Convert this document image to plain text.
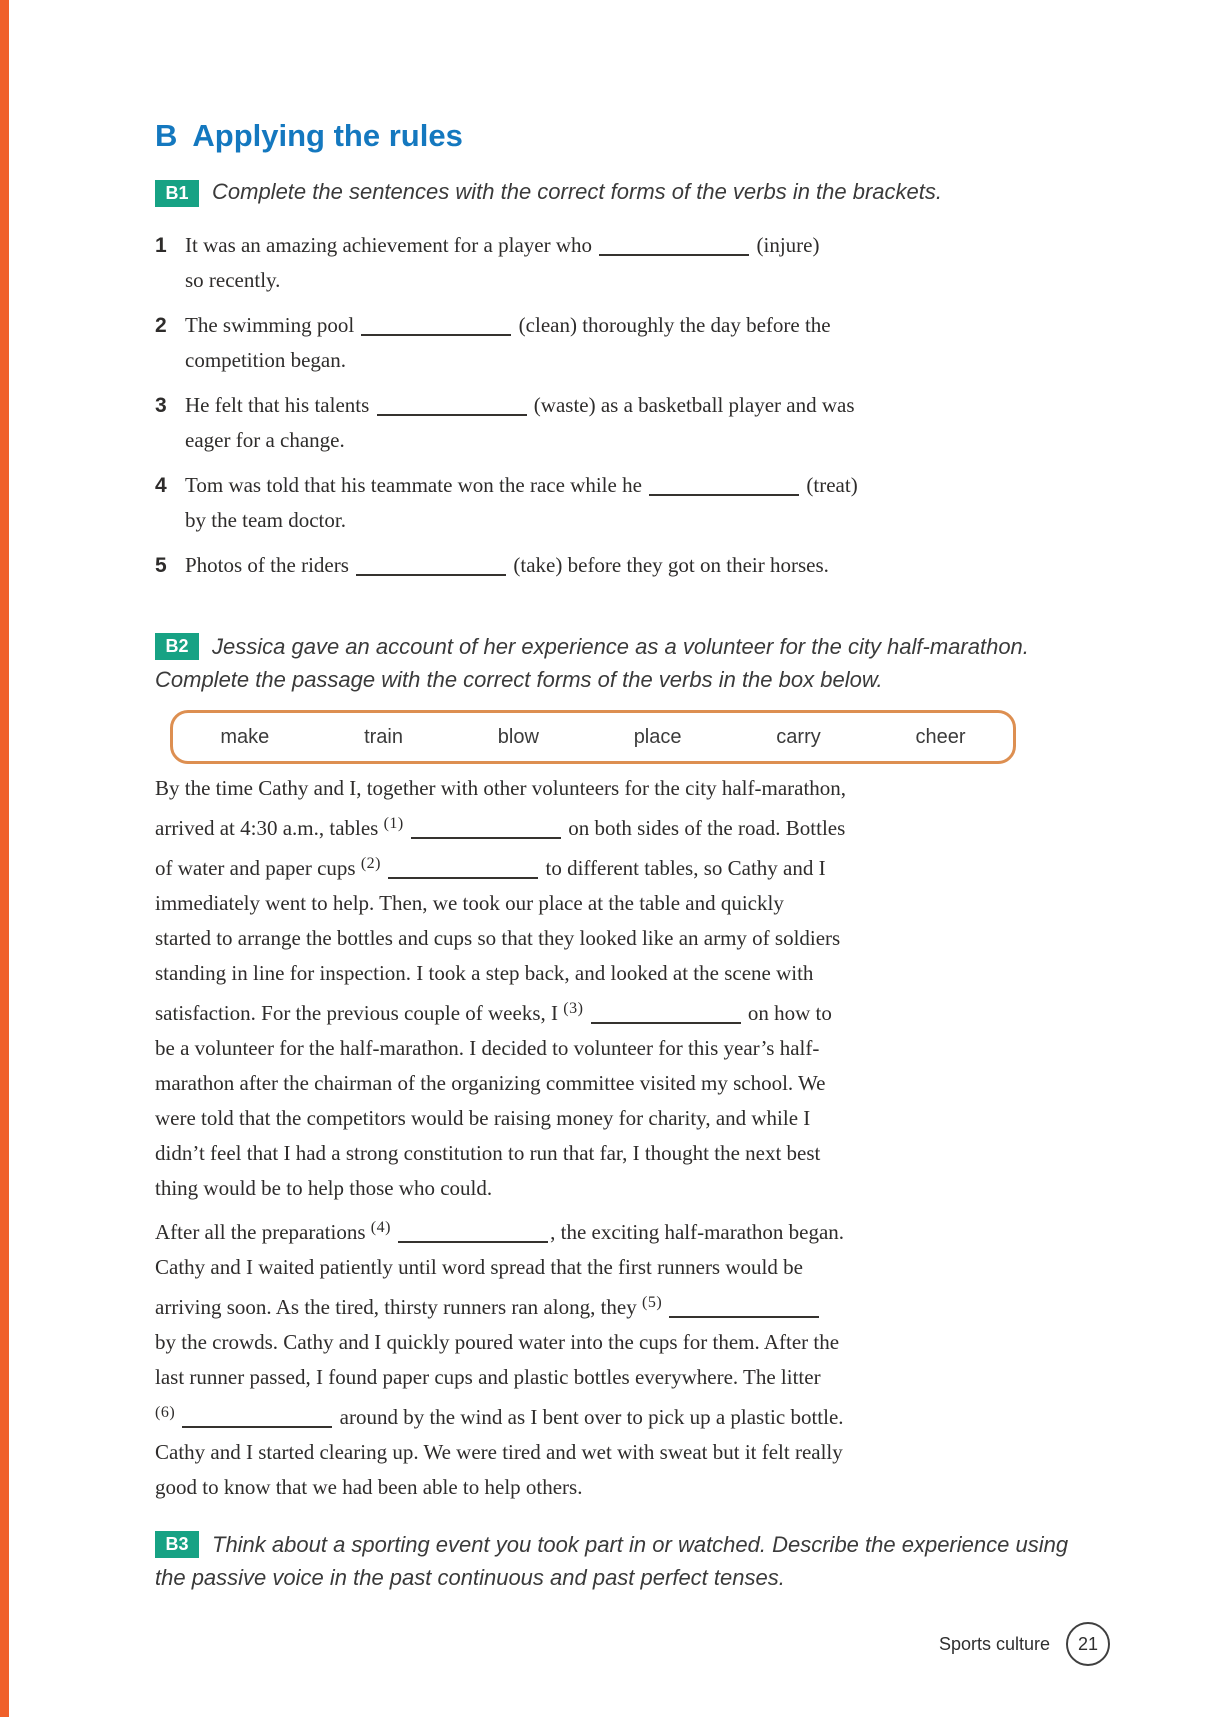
B Applying the rules
B1	Complete the sentences with the correct forms of the verbs in the brackets.
1 It was an amazing achievement for a player who	(injure)
so recently.
2 The swimming pool	(clean) thoroughly the day before the
competition began.
3 He felt that his talents	(waste) as a basketball player and was
eager for a change.
4 Tom was told that his teammate won the race while he	(treat)
by the team doctor.
5 Photos of the riders	(take) before they got on their horses.
B2	Jessica gave an account of her experience as a volunteer for the city half-marathon.
Complete the passage with the correct forms of the verbs in the box below.
make	train	blow	place	carry	cheer
By the time Cathy and I, together with other volunteers for the city half-marathon,
arrived at 4:30 a.m., tables $^{(1)}$	on both sides of the road. Bottles
of water and paper cups $^{(2)}$	to different tables, so Cathy and I
immediately went to help. Then, we took our place at the table and quickly
started to arrange the bottles and cups so that they looked like an army of soldiers
standing in line for inspection. I took a step back, and looked at the scene with
satisfaction. For the previous couple of weeks, I $^{(3)}$	on how to
be a volunteer for the half-marathon. I decided to volunteer for this year’s half-
marathon after the chairman of the organizing committee visited my school. We
were told that the competitors would be raising money for charity, and while I
didn’t feel that I had a strong constitution to run that far, I thought the next best
thing would be to help those who could.
After all the preparations $^{(4)}$	, the exciting half-marathon began.
Cathy and I waited patiently until word spread that the first runners would be
arriving soon. As the tired, thirsty runners ran along, they $^{(5)}$
by the crowds. Cathy and I quickly poured water into the cups for them. After the
last runner passed, I found paper cups and plastic bottles everywhere. The litter
$^{(6)}$	around by the wind as I bent over to pick up a plastic bottle.
Cathy and I started clearing up. We were tired and wet with sweat but it felt really
good to know that we had been able to help others.
B3	Think about a sporting event you took part in or watched. Describe the experience using
the passive voice in the past continuous and past perfect tenses.
Sports culture	21
